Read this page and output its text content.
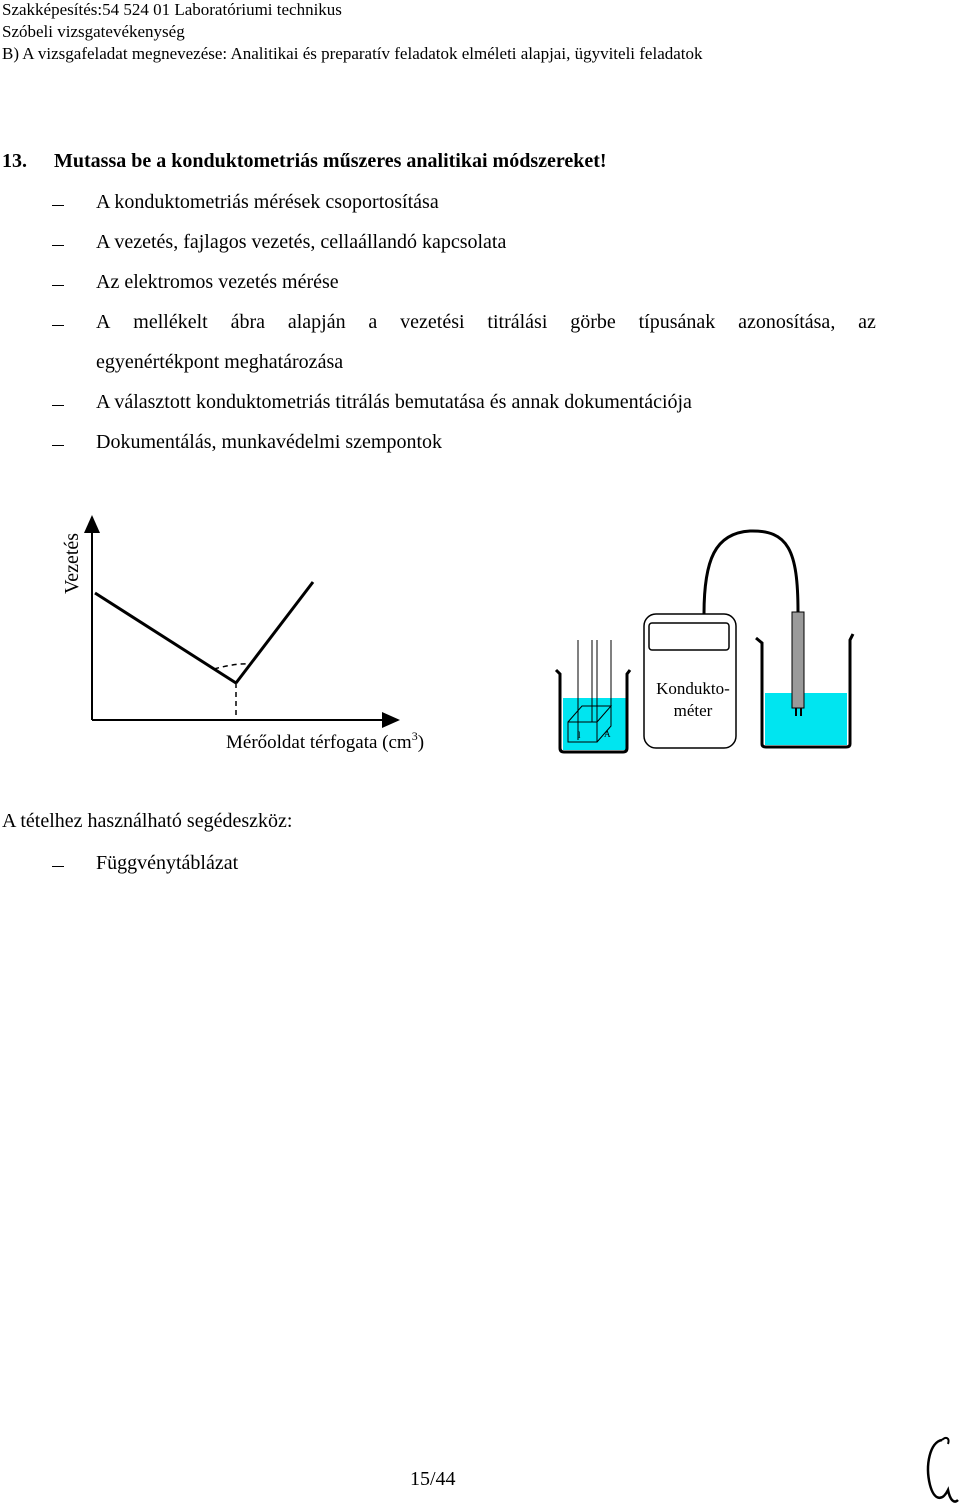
Szakképesítés:54 524 01 Laboratóriumi technikus
Szóbeli vizsgatevékenység
B) A vizsgafeladat megnevezése: Analitikai és preparatív feladatok elméleti alapjai, ügyviteli feladatok
13. Mutassa be a konduktometriás műszeres analitikai módszereket!
A konduktometriás mérések csoportosítása
A vezetés, fajlagos vezetés, cellaállandó kapcsolata
Az elektromos vezetés mérése
A mellékelt ábra alapján a vezetési titrálási görbe típusának azonosítása, az
egyenértékpont meghatározása
A választott konduktometriás titrálás bemutatása és annak dokumentációja
Dokumentálás, munkavédelmi szempontok
Vezetés
Mérőoldat térfogata $(cm^3)$	l	A
Konduktо-
méter
A tételhez használható segédeszköz:
Függvénytáblázat
15/44
